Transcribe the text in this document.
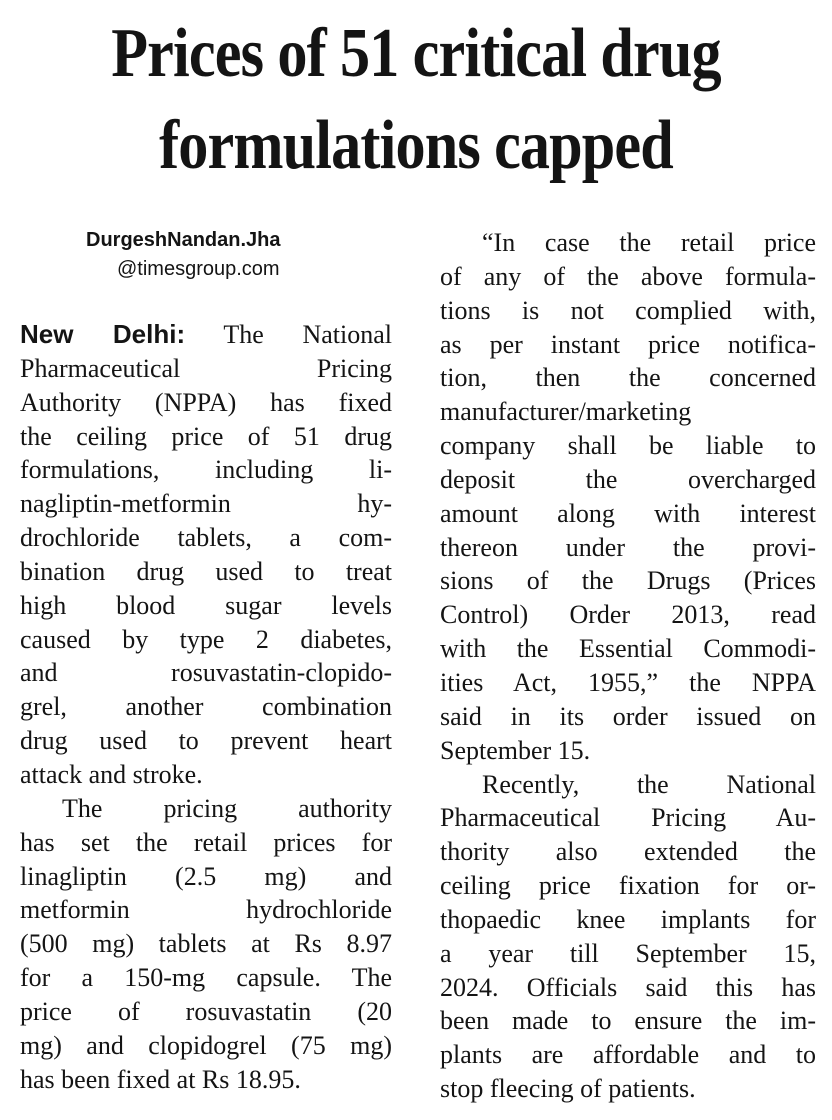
Prices of 51 critical drug
formulations capped
DurgeshNandan.Jha
@timesgroup.com
New Delhi: The National
Pharmaceutical Pricing
Authority (NPPA) has fixed
the ceiling price of 51 drug
formulations, including li-
nagliptin-metformin hy-
drochloride tablets, a com-
bination drug used to treat
high blood sugar levels
caused by type 2 diabetes,
and rosuvastatin-clopido-
grel, another combination
drug used to prevent heart
attack and stroke.
The pricing authority
has set the retail prices for
linagliptin (2.5 mg) and
metformin hydrochloride
(500 mg) tablets at Rs 8.97
for a 150-mg capsule. The
price of rosuvastatin (20
mg) and clopidogrel (75 mg)
has been fixed at Rs 18.95.
“In case the retail price
of any of the above formula-
tions is not complied with,
as per instant price notifica-
tion, then the concerned
manufacturer/marketing
company shall be liable to
deposit the overcharged
amount along with interest
thereon under the provi-
sions of the Drugs (Prices
Control) Order 2013, read
with the Essential Commodi-
ities Act, 1955,” the NPPA
said in its order issued on
September 15.
Recently, the National
Pharmaceutical Pricing Au-
thority also extended the
ceiling price fixation for or-
thopaedic knee implants for
a year till September 15,
2024. Officials said this has
been made to ensure the im-
plants are affordable and to
stop fleecing of patients.
